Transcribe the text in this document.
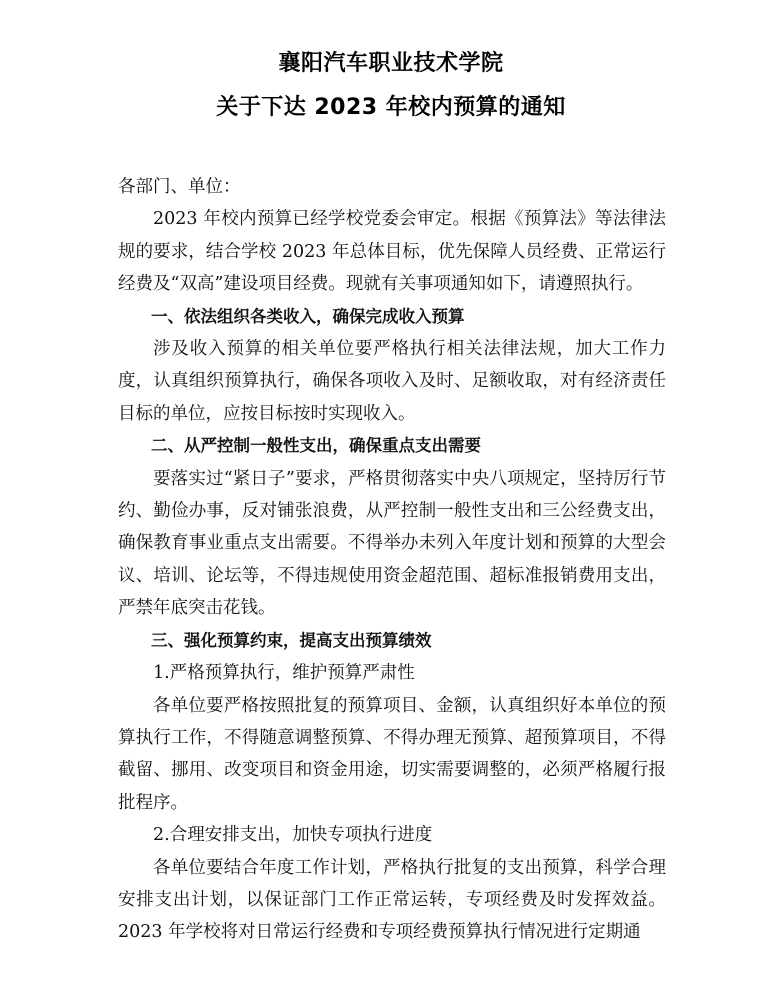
襄阳汽车职业技术学院
关于下达 2023 年校内预算的通知

各部门、单位：

2023 年校内预算已经学校党委会审定。根据《预算法》等法律法规的要求，结合学校 2023 年总体目标，优先保障人员经费、正常运行经费及“双高”建设项目经费。现就有关事项通知如下，请遵照执行。

一、依法组织各类收入，确保完成收入预算

涉及收入预算的相关单位要严格执行相关法律法规，加大工作力度，认真组织预算执行，确保各项收入及时、足额收取，对有经济责任目标的单位，应按目标按时实现收入。

二、从严控制一般性支出，确保重点支出需要

要落实过“紧日子”要求，严格贯彻落实中央八项规定，坚持厉行节约、勤俭办事，反对铺张浪费，从严控制一般性支出和三公经费支出，确保教育事业重点支出需要。不得举办未列入年度计划和预算的大型会议、培训、论坛等，不得违规使用资金超范围、超标准报销费用支出，严禁年底突击花钱。

三、强化预算约束，提高支出预算绩效

1.严格预算执行，维护预算严肃性

各单位要严格按照批复的预算项目、金额，认真组织好本单位的预算执行工作，不得随意调整预算、不得办理无预算、超预算项目，不得截留、挪用、改变项目和资金用途，切实需要调整的，必须严格履行报批程序。

2.合理安排支出，加快专项执行进度

各单位要结合年度工作计划，严格执行批复的支出预算，科学合理安排支出计划，以保证部门工作正常运转，专项经费及时发挥效益。2023 年学校将对日常运行经费和专项经费预算执行情况进行定期通
